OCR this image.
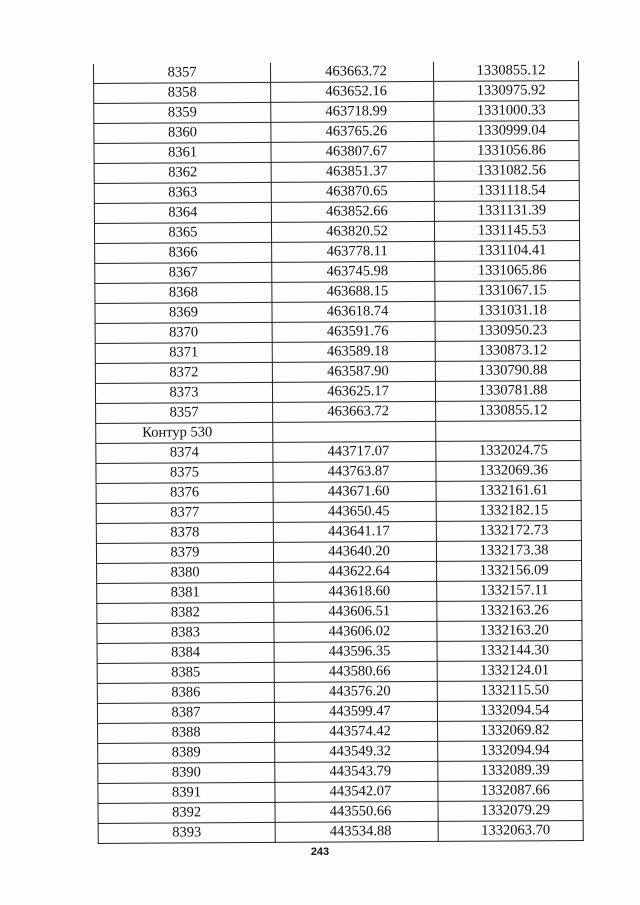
8357	463663.72	1330855.12
8358	463652.16	1330975.92
8359	463718.99	1331000.33
8360	463765.26	1330999.04
8361	463807.67	1331056.86
8362	463851.37	1331082.56
8363	463870.65	1331118.54
8364	463852.66	1331131.39
8365	463820.52	1331145.53
8366	463778.11	1331104.41
8367	463745.98	1331065.86
8368	463688.15	1331067.15
8369	463618.74	1331031.18
8370	463591.76	1330950.23
8371	463589.18	1330873.12
8372	463587.90	1330790.88
8373	463625.17	1330781.88
8357	463663.72	1330855.12
Контур 530		
8374	443717.07	1332024.75
8375	443763.87	1332069.36
8376	443671.60	1332161.61
8377	443650.45	1332182.15
8378	443641.17	1332172.73
8379	443640.20	1332173.38
8380	443622.64	1332156.09
8381	443618.60	1332157.11
8382	443606.51	1332163.26
8383	443606.02	1332163.20
8384	443596.35	1332144.30
8385	443580.66	1332124.01
8386	443576.20	1332115.50
8387	443599.47	1332094.54
8388	443574.42	1332069.82
8389	443549.32	1332094.94
8390	443543.79	1332089.39
8391	443542.07	1332087.66
8392	443550.66	1332079.29
8393	443534.88	1332063.70
243
